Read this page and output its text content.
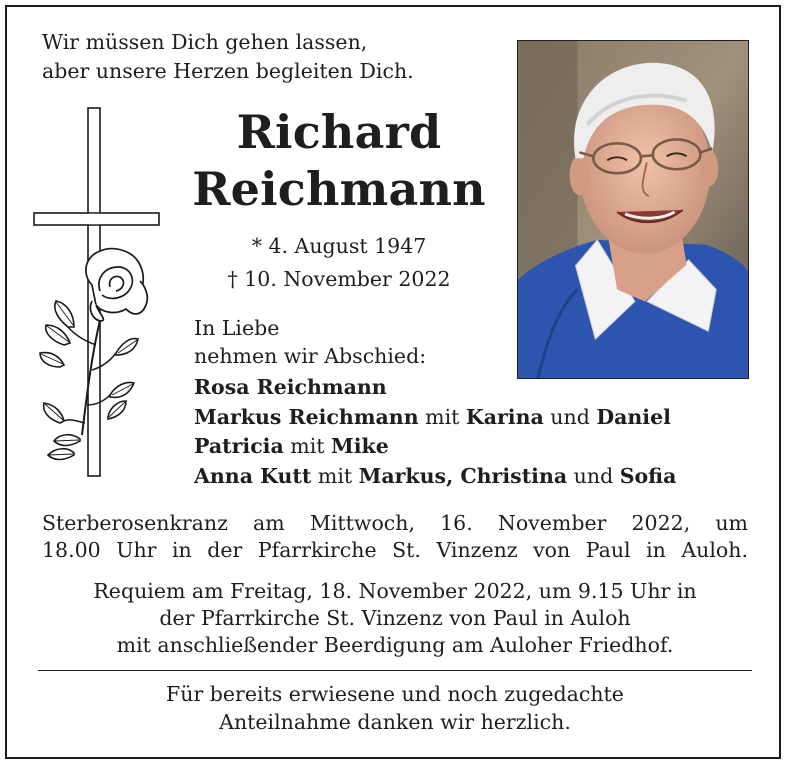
Wir müssen Dich gehen lassen,
aber unsere Herzen begleiten Dich.
Richard
Reichmann
* 4. August 1947
† 10. November 2022
In Liebe
nehmen wir Abschied:
Rosa Reichmann
Markus Reichmann mit Karina und Daniel
Patricia mit Mike
Anna Kutt mit Markus, Christina und Sofia
Sterberosenkranz am Mittwoch, 16. November 2022, um
18.00 Uhr in der Pfarrkirche St. Vinzenz von Paul in Auloh.
Requiem am Freitag, 18. November 2022, um 9.15 Uhr in
der Pfarrkirche St. Vinzenz von Paul in Auloh
mit anschließender Beerdigung am Auloher Friedhof.
Für bereits erwiesene und noch zugedachte
Anteilnahme danken wir herzlich.
